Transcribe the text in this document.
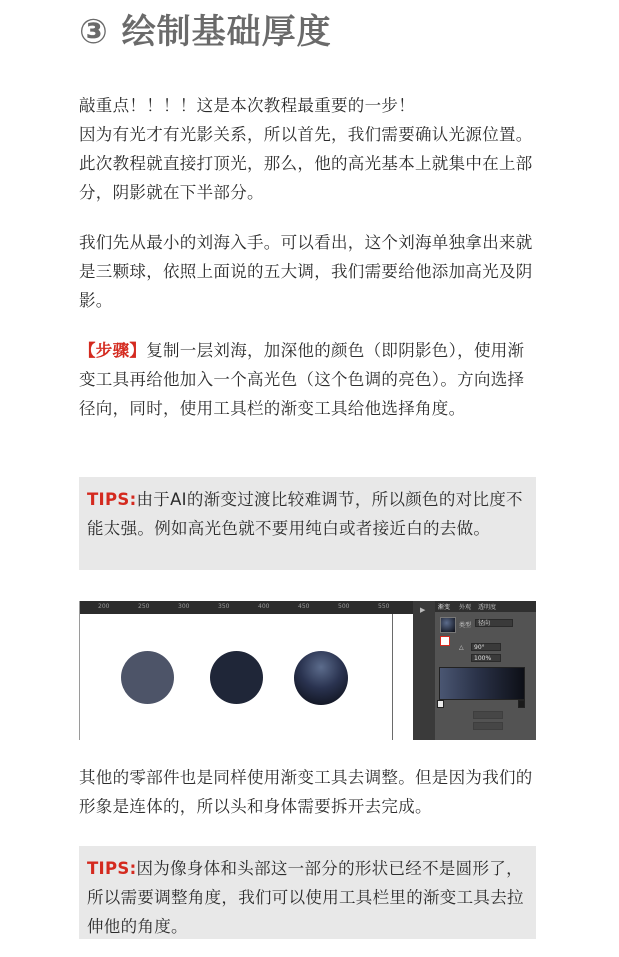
③ 绘制基础厚度

敲重点！！！！这是本次教程最重要的一步！
因为有光才有光影关系，所以首先，我们需要确认光源位置。此次教程就直接打顶光，那么，他的高光基本上就集中在上部分，阴影就在下半部分。

我们先从最小的刘海入手。可以看出，这个刘海单独拿出来就是三颗球，依照上面说的五大调，我们需要给他添加高光及阴影。

【步骤】复制一层刘海，加深他的颜色（即阴影色），使用渐变工具再给他加入一个高光色（这个色调的亮色）。方向选择径向，同时，使用工具栏的渐变工具给他选择角度。

TIPS:由于AI的渐变过渡比较难调节，所以颜色的对比度不能太强。例如高光色就不要用纯白或者接近白的去做。
200	250	300	350	400	450	500	550	▶ 渐变 外观 透明度
类型	径向
△	90°
100%

其他的零部件也是同样使用渐变工具去调整。但是因为我们的形象是连体的，所以头和身体需要拆开去完成。

TIPS:因为像身体和头部这一部分的形状已经不是圆形了，所以需要调整角度，我们可以使用工具栏里的渐变工具去拉伸他的角度。
